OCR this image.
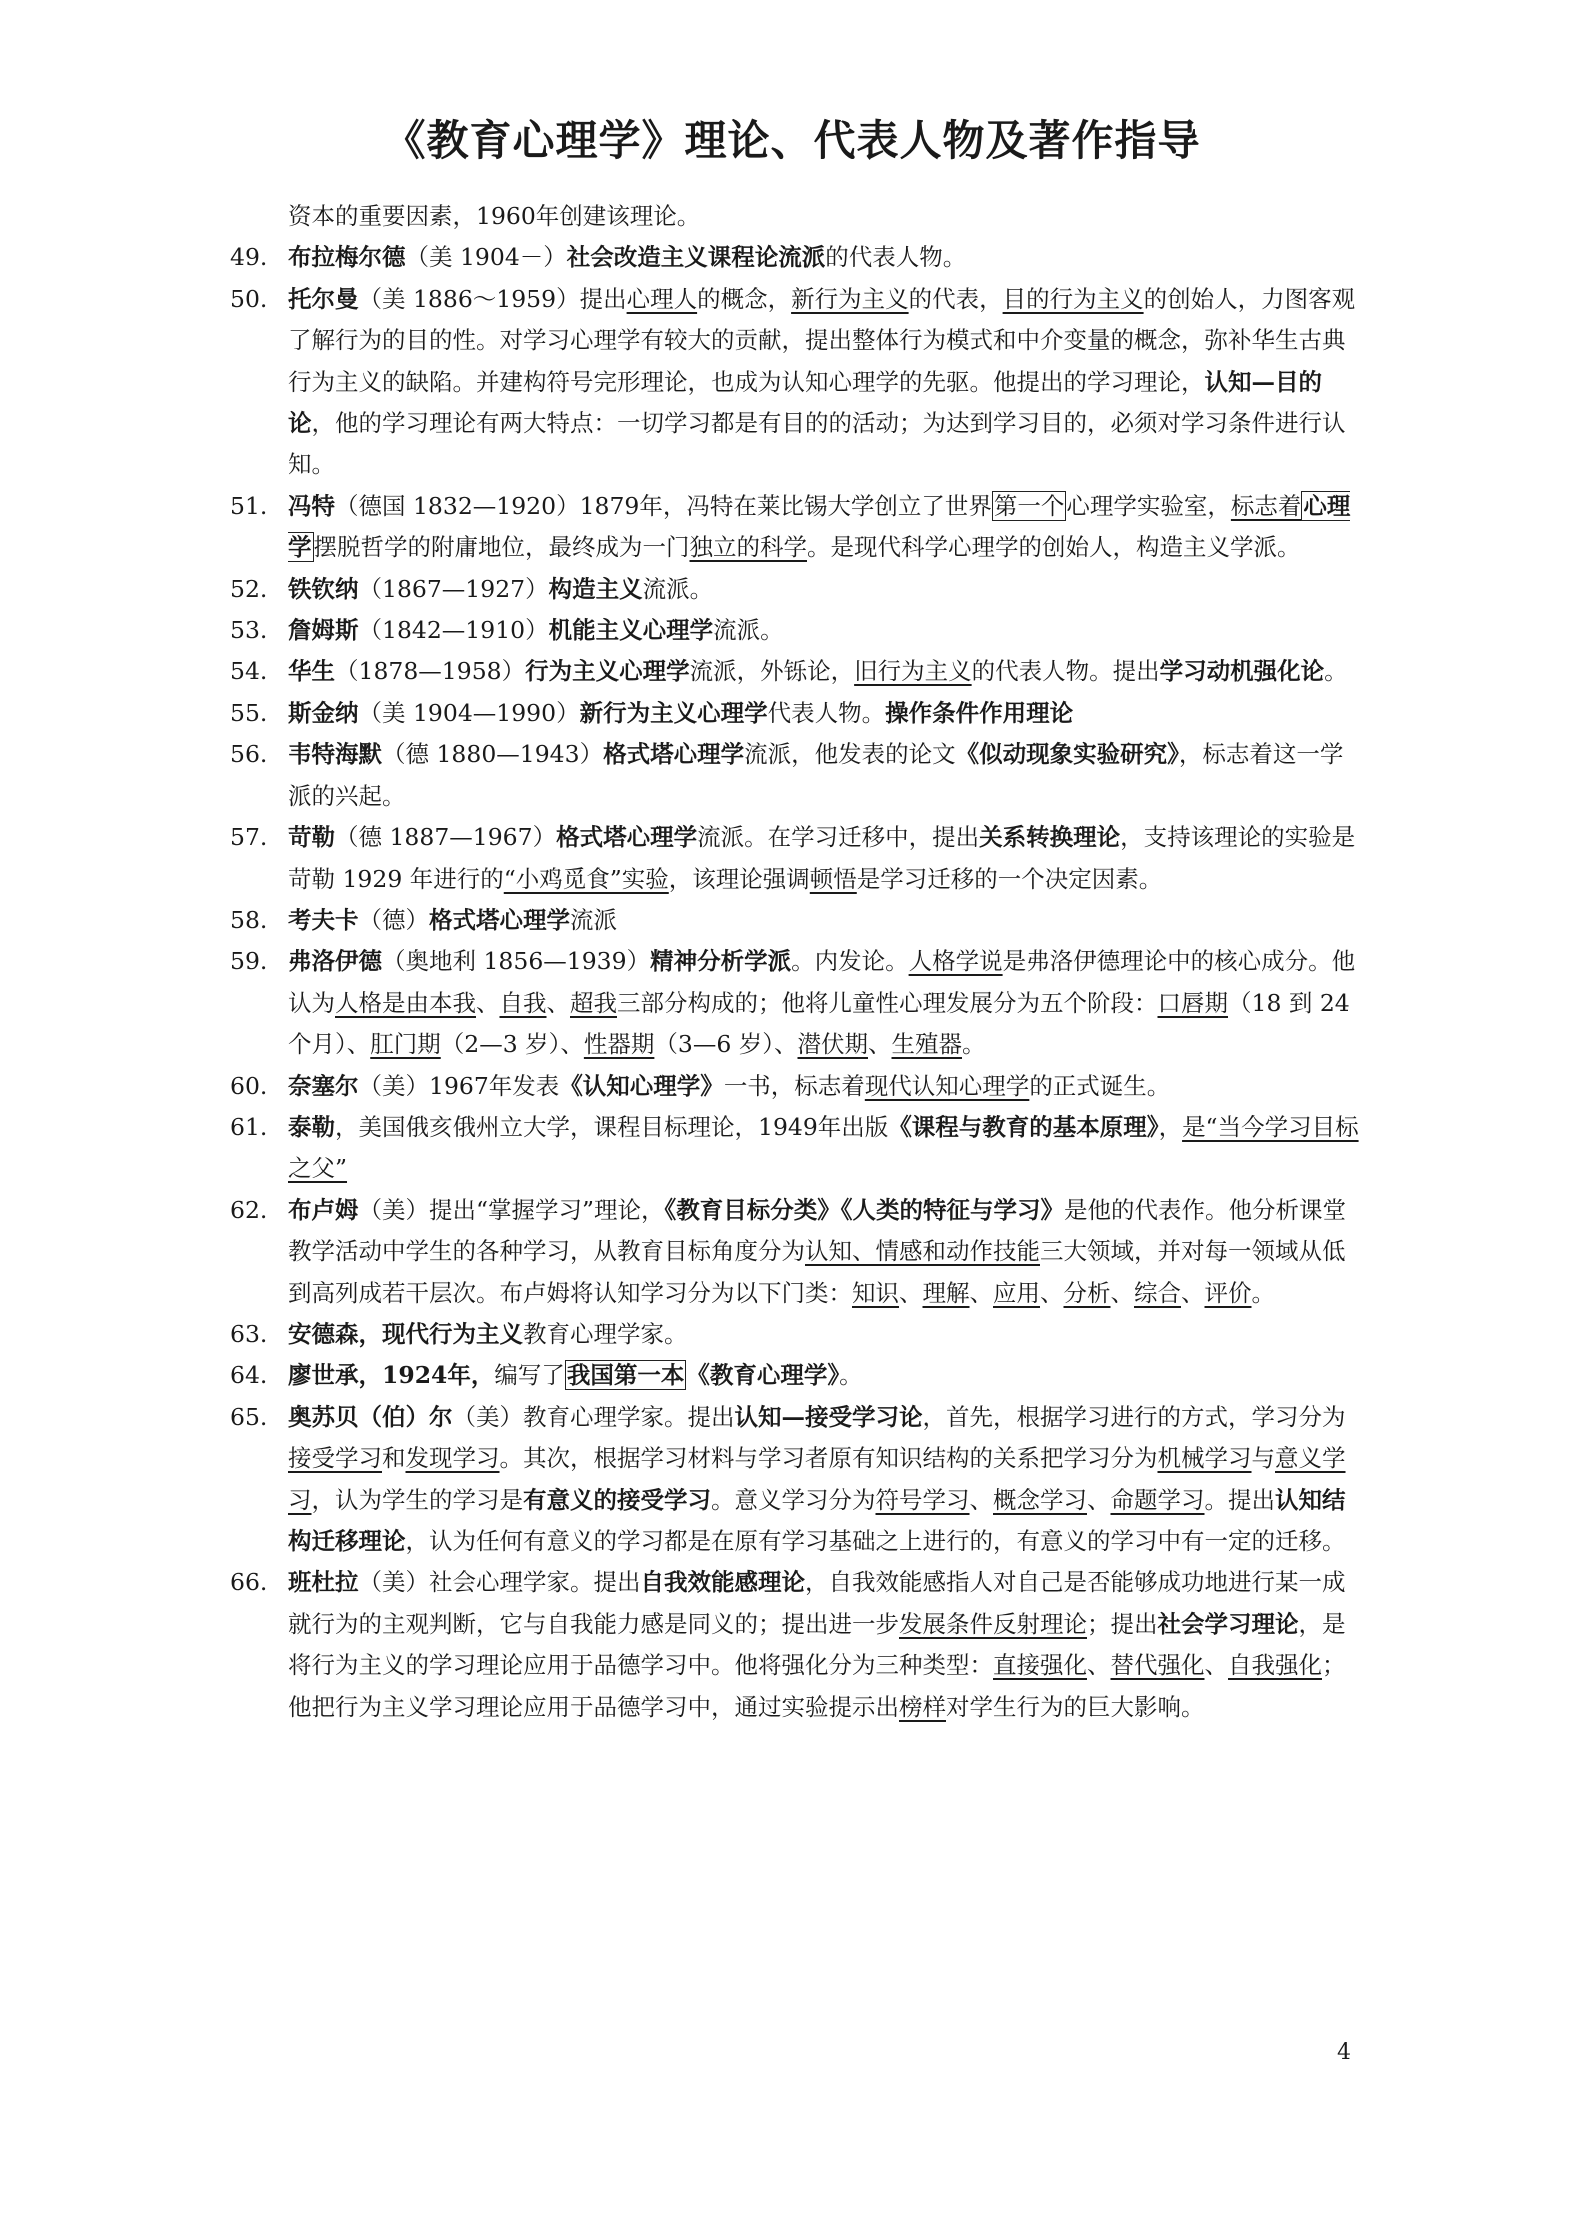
《教育心理学》理论、代表人物及著作指导
资本的重要因素，1960年创建该理论。
49. 布拉梅尔德（美 1904－）社会改造主义课程论流派的代表人物。
50. 托尔曼（美 1886～1959）提出心理人的概念，新行为主义的代表，目的行为主义的创始人，力图客观了解行为的目的性。对学习心理学有较大的贡献，提出整体行为模式和中介变量的概念，弥补华生古典行为主义的缺陷。并建构符号完形理论，也成为认知心理学的先驱。他提出的学习理论，认知—目的论，他的学习理论有两大特点：一切学习都是有目的的活动；为达到学习目的，必须对学习条件进行认知。
51. 冯特（德国 1832—1920）1879年，冯特在莱比锡大学创立了世界第一个心理学实验室，标志着心理学摆脱哲学的附庸地位，最终成为一门独立的科学。是现代科学心理学的创始人，构造主义学派。
52. 铁钦纳（1867—1927）构造主义流派。
53. 詹姆斯（1842—1910）机能主义心理学流派。
54. 华生（1878—1958）行为主义心理学流派，外铄论，旧行为主义的代表人物。提出学习动机强化论。
55. 斯金纳（美 1904—1990）新行为主义心理学代表人物。操作条件作用理论
56. 韦特海默（德 1880—1943）格式塔心理学流派，他发表的论文《似动现象实验研究》，标志着这一学派的兴起。
57. 苛勒（德 1887—1967）格式塔心理学流派。在学习迁移中，提出关系转换理论，支持该理论的实验是苛勒 1929 年进行的“小鸡觅食”实验，该理论强调顿悟是学习迁移的一个决定因素。
58. 考夫卡（德）格式塔心理学流派
59. 弗洛伊德（奥地利 1856—1939）精神分析学派。内发论。人格学说是弗洛伊德理论中的核心成分。他认为人格是由本我、自我、超我三部分构成的；他将儿童性心理发展分为五个阶段：口唇期（18 到 24 个月）、肛门期（2—3 岁）、性器期（3—6 岁）、潜伏期、生殖器。
60. 奈塞尔（美）1967年发表《认知心理学》一书，标志着现代认知心理学的正式诞生。
61. 泰勒，美国俄亥俄州立大学，课程目标理论，1949年出版《课程与教育的基本原理》，是“当今学习目标之父”
62. 布卢姆（美）提出“掌握学习”理论，《教育目标分类》《人类的特征与学习》是他的代表作。他分析课堂教学活动中学生的各种学习，从教育目标角度分为认知、情感和动作技能三大领域，并对每一领域从低到高列成若干层次。布卢姆将认知学习分为以下门类：知识、理解、应用、分析、综合、评价。
63. 安德森，现代行为主义教育心理学家。
64. 廖世承，1924年，编写了我国第一本《教育心理学》。
65. 奥苏贝（伯）尔（美）教育心理学家。提出认知—接受学习论，首先，根据学习进行的方式，学习分为接受学习和发现学习。其次，根据学习材料与学习者原有知识结构的关系把学习分为机械学习与意义学习，认为学生的学习是有意义的接受学习。意义学习分为符号学习、概念学习、命题学习。提出认知结构迁移理论，认为任何有意义的学习都是在原有学习基础之上进行的，有意义的学习中有一定的迁移。
66. 班杜拉（美）社会心理学家。提出自我效能感理论，自我效能感指人对自己是否能够成功地进行某一成就行为的主观判断，它与自我能力感是同义的；提出进一步发展条件反射理论；提出社会学习理论，是将行为主义的学习理论应用于品德学习中。他将强化分为三种类型：直接强化、替代强化、自我强化；他把行为主义学习理论应用于品德学习中，通过实验提示出榜样对学生行为的巨大影响。
4
